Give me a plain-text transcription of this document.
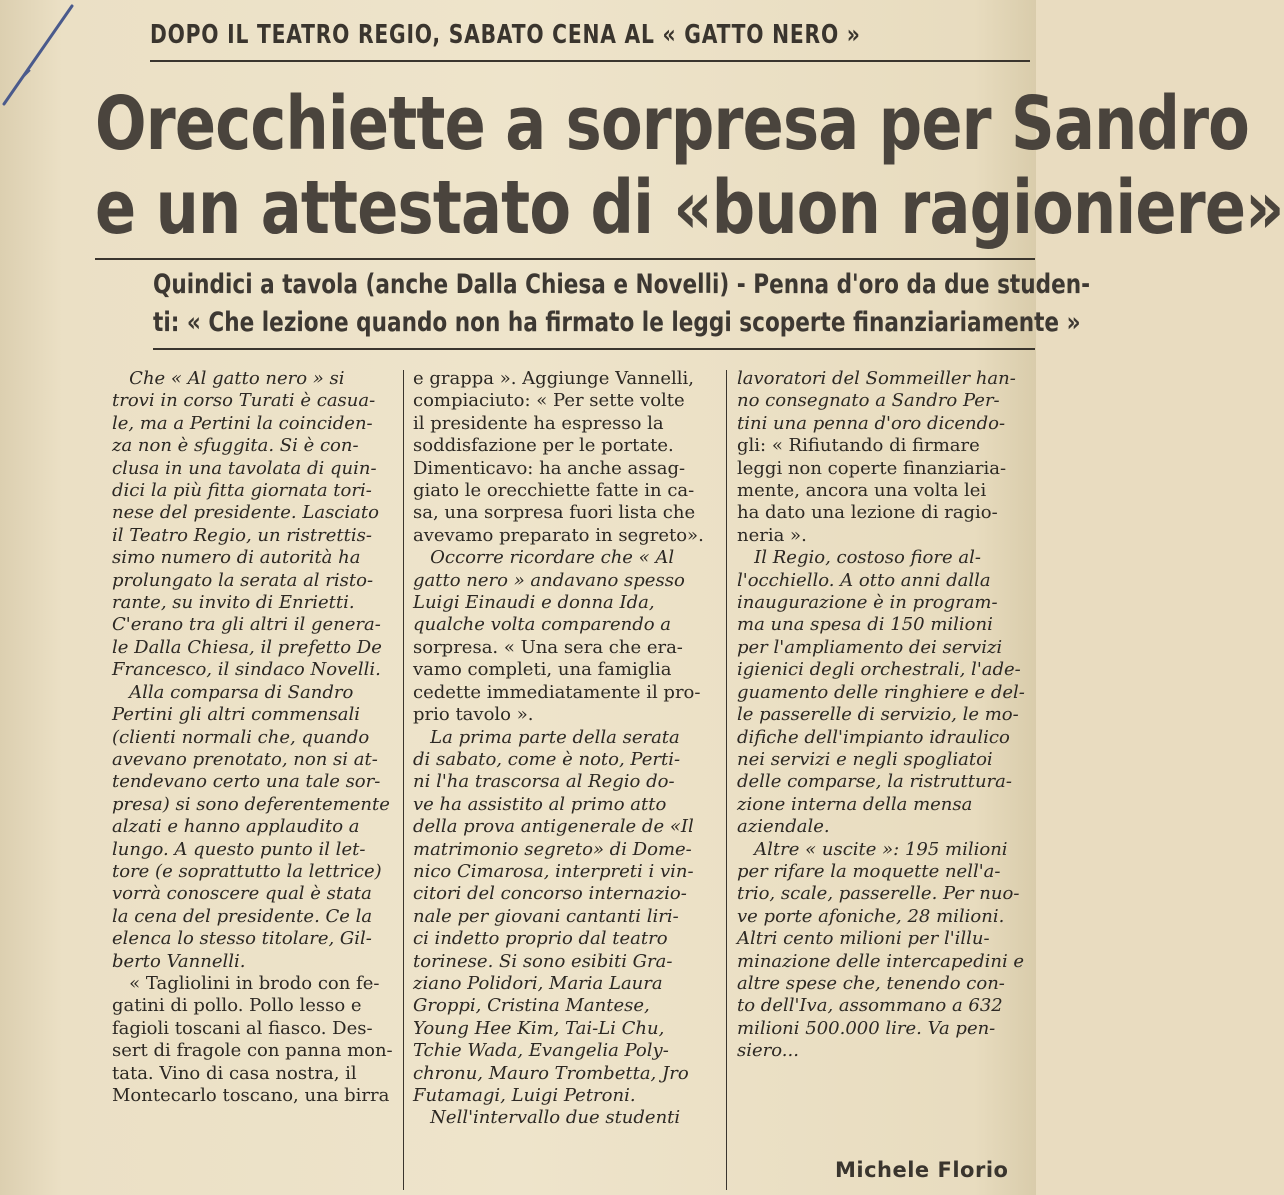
DOPO IL TEATRO REGIO, SABATO CENA AL « GATTO NERO »
Orecchiette a sorpresa per Sandro
e un attestato di «buon ragioniere»
Quindici a tavola (anche Dalla Chiesa e Novelli) - Penna d'oro da due studen-
ti: « Che lezione quando non ha firmato le leggi scoperte finanziariamente »

Che « Al gatto nero » si

trovi in corso Turati è casua-

le, ma a Pertini la coinciden-

za non è sfuggita. Si è con-

clusa in una tavolata di quin-

dici la più fitta giornata tori-

nese del presidente. Lasciato

il Teatro Regio, un ristrettis-

simo numero di autorità ha

prolungato la serata al risto-

rante, su invito di Enrietti.

C'erano tra gli altri il genera-

le Dalla Chiesa, il prefetto De

Francesco, il sindaco Novelli.

Alla comparsa di Sandro

Pertini gli altri commensali

(clienti normali che, quando

avevano prenotato, non si at-

tendevano certo una tale sor-

presa) si sono deferentemente

alzati e hanno applaudito a

lungo. A questo punto il let-

tore (e soprattutto la lettrice)

vorrà conoscere qual è stata

la cena del presidente. Ce la

elenca lo stesso titolare, Gil-

berto Vannelli.

« Tagliolini in brodo con fe-

gatini di pollo. Pollo lesso e

fagioli toscani al fiasco. Des-

sert di fragole con panna mon-

tata. Vino di casa nostra, il

Montecarlo toscano, una birra

e grappa ». Aggiunge Vannelli,

compiaciuto: « Per sette volte

il presidente ha espresso la

soddisfazione per le portate.

Dimenticavo: ha anche assag-

giato le orecchiette fatte in ca-

sa, una sorpresa fuori lista che

avevamo preparato in segreto».

Occorre ricordare che « Al

gatto nero » andavano spesso

Luigi Einaudi e donna Ida,

qualche volta comparendo a

sorpresa. « Una sera che era-

vamo completi, una famiglia

cedette immediatamente il pro-

prio tavolo ».

La prima parte della serata

di sabato, come è noto, Perti-

ni l'ha trascorsa al Regio do-

ve ha assistito al primo atto

della prova antigenerale de «Il

matrimonio segreto» di Dome-

nico Cimarosa, interpreti i vin-

citori del concorso internazio-

nale per giovani cantanti liri-

ci indetto proprio dal teatro

torinese. Si sono esibiti Gra-

ziano Polidori, Maria Laura

Groppi, Cristina Mantese,

Young Hee Kim, Tai-Li Chu,

Tchie Wada, Evangelia Poly-

chronu, Mauro Trombetta, Jro

Futamagi, Luigi Petroni.

Nell'intervallo due studenti

lavoratori del Sommeiller han-

no consegnato a Sandro Per-

tini una penna d'oro dicendo-

gli: « Rifiutando di firmare

leggi non coperte finanziaria-

mente, ancora una volta lei

ha dato una lezione di ragio-

neria ».

Il Regio, costoso fiore al-

l'occhiello. A otto anni dalla

inaugurazione è in program-

ma una spesa di 150 milioni

per l'ampliamento dei servizi

igienici degli orchestrali, l'ade-

guamento delle ringhiere e del-

le passerelle di servizio, le mo-

difiche dell'impianto idraulico

nei servizi e negli spogliatoi

delle comparse, la ristruttura-

zione interna della mensa

aziendale.

Altre « uscite »: 195 milioni

per rifare la moquette nell'a-

trio, scale, passerelle. Per nuo-

ve porte afoniche, 28 milioni.

Altri cento milioni per l'illu-

minazione delle intercapedini e

altre spese che, tenendo con-

to dell'Iva, assommano a 632

milioni 500.000 lire. Va pen-

siero...

Michele Florio
